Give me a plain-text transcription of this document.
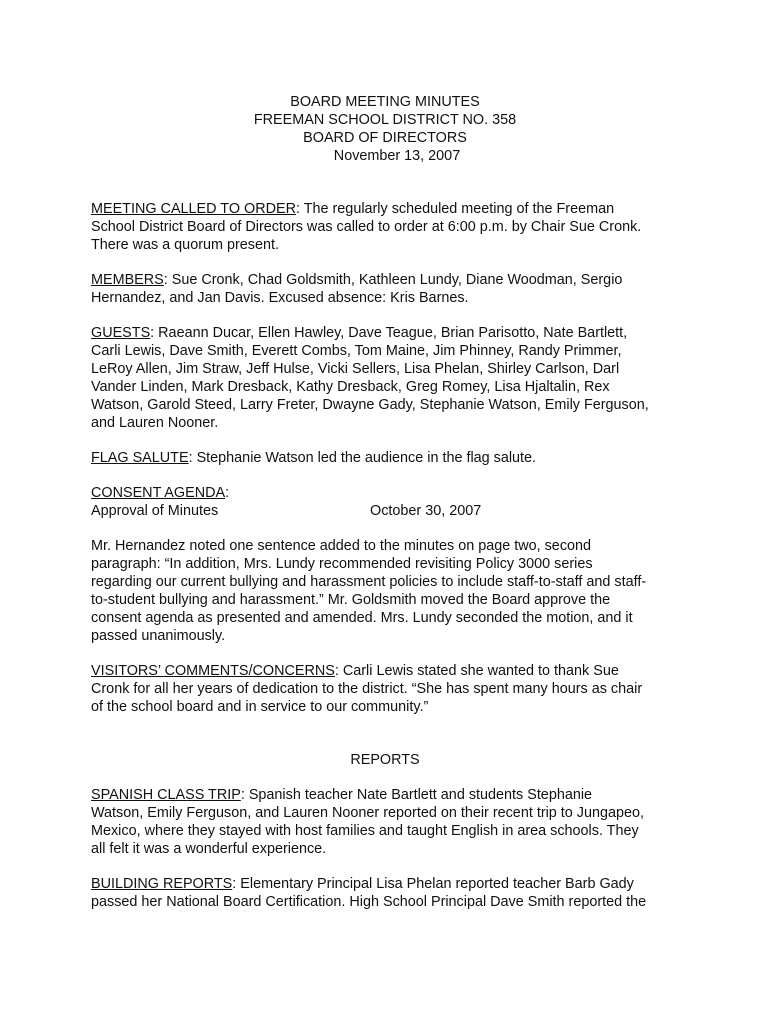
BOARD MEETING MINUTES
FREEMAN SCHOOL DISTRICT NO. 358
BOARD OF DIRECTORS
November 13, 2007
MEETING CALLED TO ORDER: The regularly scheduled meeting of the Freeman
School District Board of Directors was called to order at 6:00 p.m. by Chair Sue Cronk.
There was a quorum present.
MEMBERS: Sue Cronk, Chad Goldsmith, Kathleen Lundy, Diane Woodman, Sergio
Hernandez, and Jan Davis. Excused absence: Kris Barnes.
GUESTS: Raeann Ducar, Ellen Hawley, Dave Teague, Brian Parisotto, Nate Bartlett,
Carli Lewis, Dave Smith, Everett Combs, Tom Maine, Jim Phinney, Randy Primmer,
LeRoy Allen, Jim Straw, Jeff Hulse, Vicki Sellers, Lisa Phelan, Shirley Carlson, Darl
Vander Linden, Mark Dresback, Kathy Dresback, Greg Romey, Lisa Hjaltalin, Rex
Watson, Garold Steed, Larry Freter, Dwayne Gady, Stephanie Watson, Emily Ferguson,
and Lauren Nooner.
FLAG SALUTE: Stephanie Watson led the audience in the flag salute.
CONSENT AGENDA:
Approval of Minutes	October 30, 2007
Mr. Hernandez noted one sentence added to the minutes on page two, second
paragraph: “In addition, Mrs. Lundy recommended revisiting Policy 3000 series
regarding our current bullying and harassment policies to include staff-to-staff and staff-
to-student bullying and harassment.” Mr. Goldsmith moved the Board approve the
consent agenda as presented and amended. Mrs. Lundy seconded the motion, and it
passed unanimously.
VISITORS’ COMMENTS/CONCERNS: Carli Lewis stated she wanted to thank Sue
Cronk for all her years of dedication to the district. “She has spent many hours as chair
of the school board and in service to our community.”
REPORTS
SPANISH CLASS TRIP: Spanish teacher Nate Bartlett and students Stephanie
Watson, Emily Ferguson, and Lauren Nooner reported on their recent trip to Jungapeo,
Mexico, where they stayed with host families and taught English in area schools. They
all felt it was a wonderful experience.
BUILDING REPORTS: Elementary Principal Lisa Phelan reported teacher Barb Gady
passed her National Board Certification. High School Principal Dave Smith reported the
